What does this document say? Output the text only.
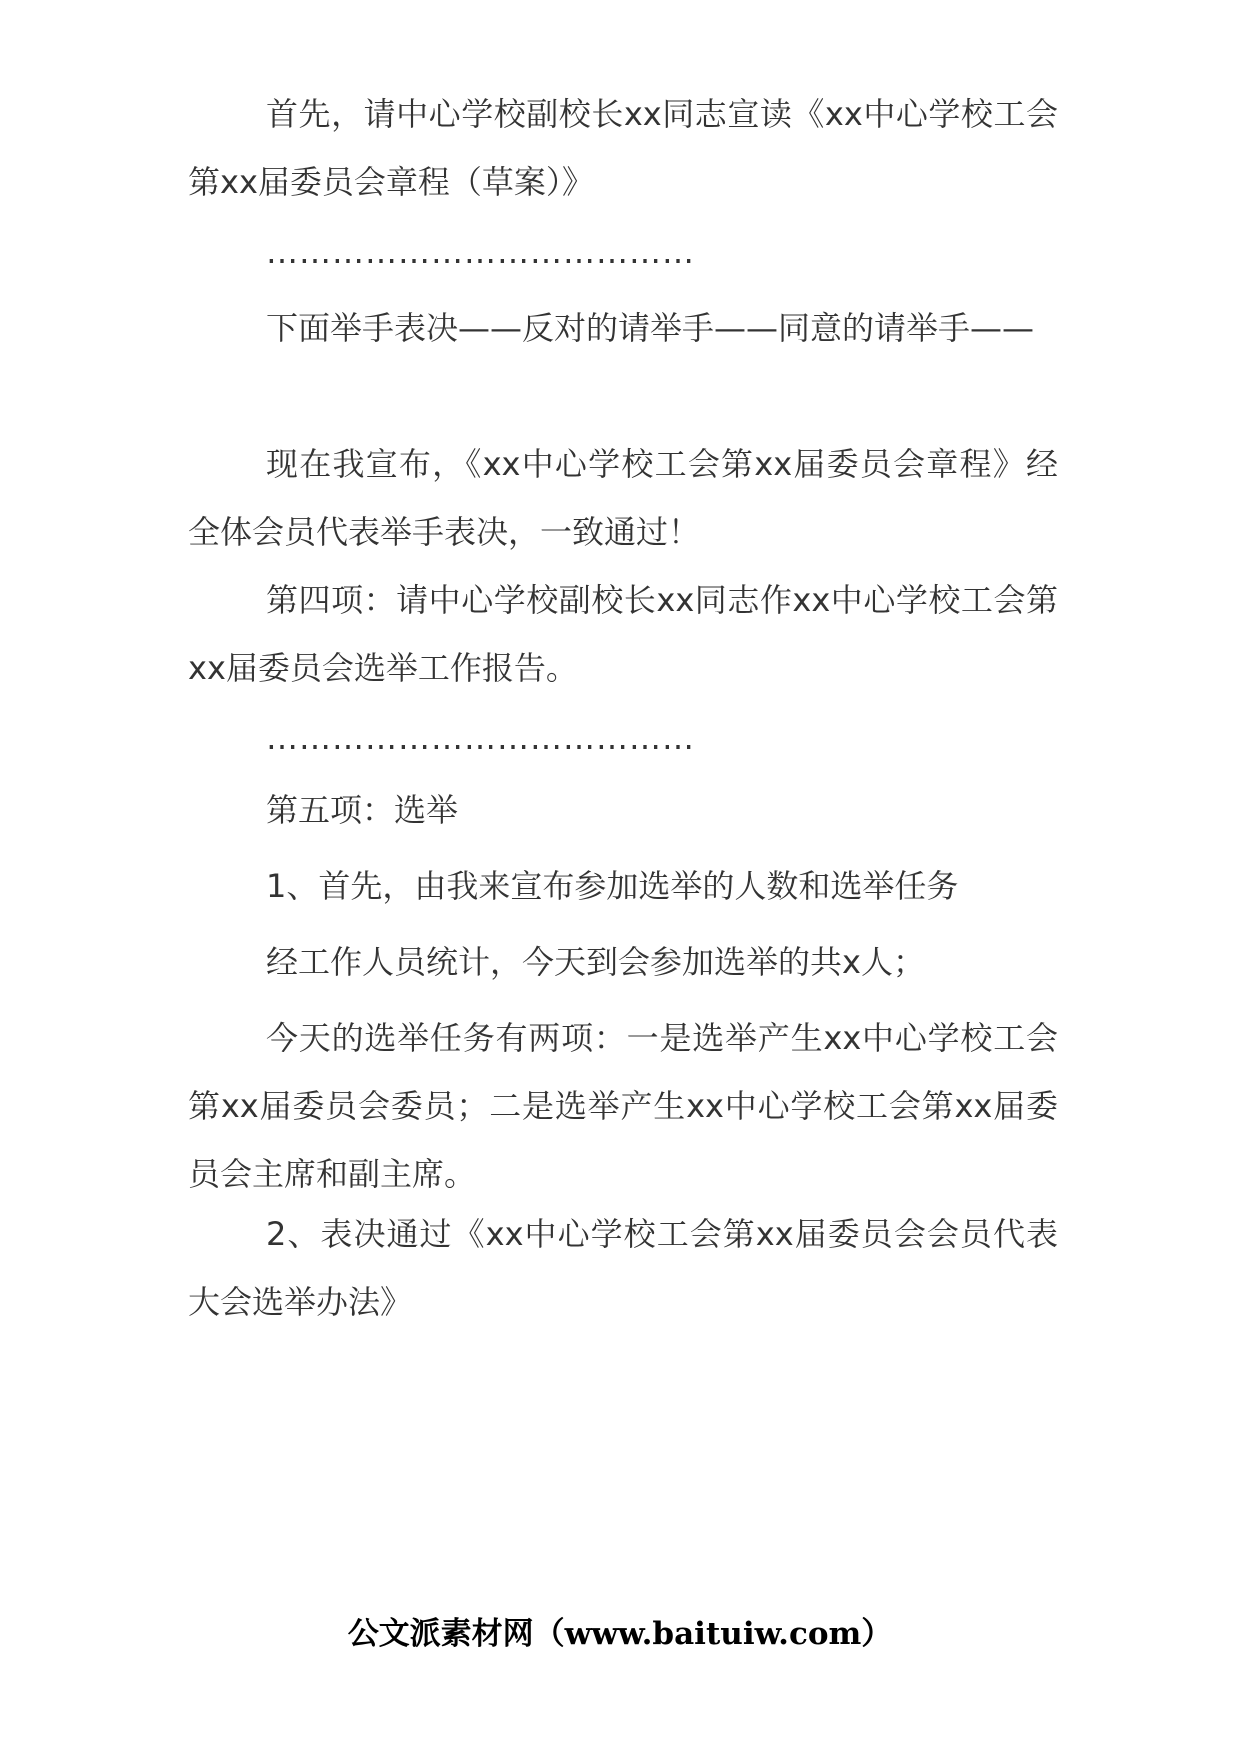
首先，请中心学校副校长xx同志宣读《xx中心学校工会第xx届委员会章程（草案）》

…………………………………

下面举手表决——反对的请举手——同意的请举手——

现在我宣布，《xx中心学校工会第xx届委员会章程》经全体会员代表举手表决，一致通过！

第四项：请中心学校副校长xx同志作xx中心学校工会第xx届委员会选举工作报告。

…………………………………

第五项：选举

1、首先，由我来宣布参加选举的人数和选举任务

经工作人员统计，今天到会参加选举的共x人；

今天的选举任务有两项：一是选举产生xx中心学校工会第xx届委员会委员；二是选举产生xx中心学校工会第xx届委员会主席和副主席。

2、表决通过《xx中心学校工会第xx届委员会会员代表大会选举办法》

公文派素材网（www.baituiw.com）
